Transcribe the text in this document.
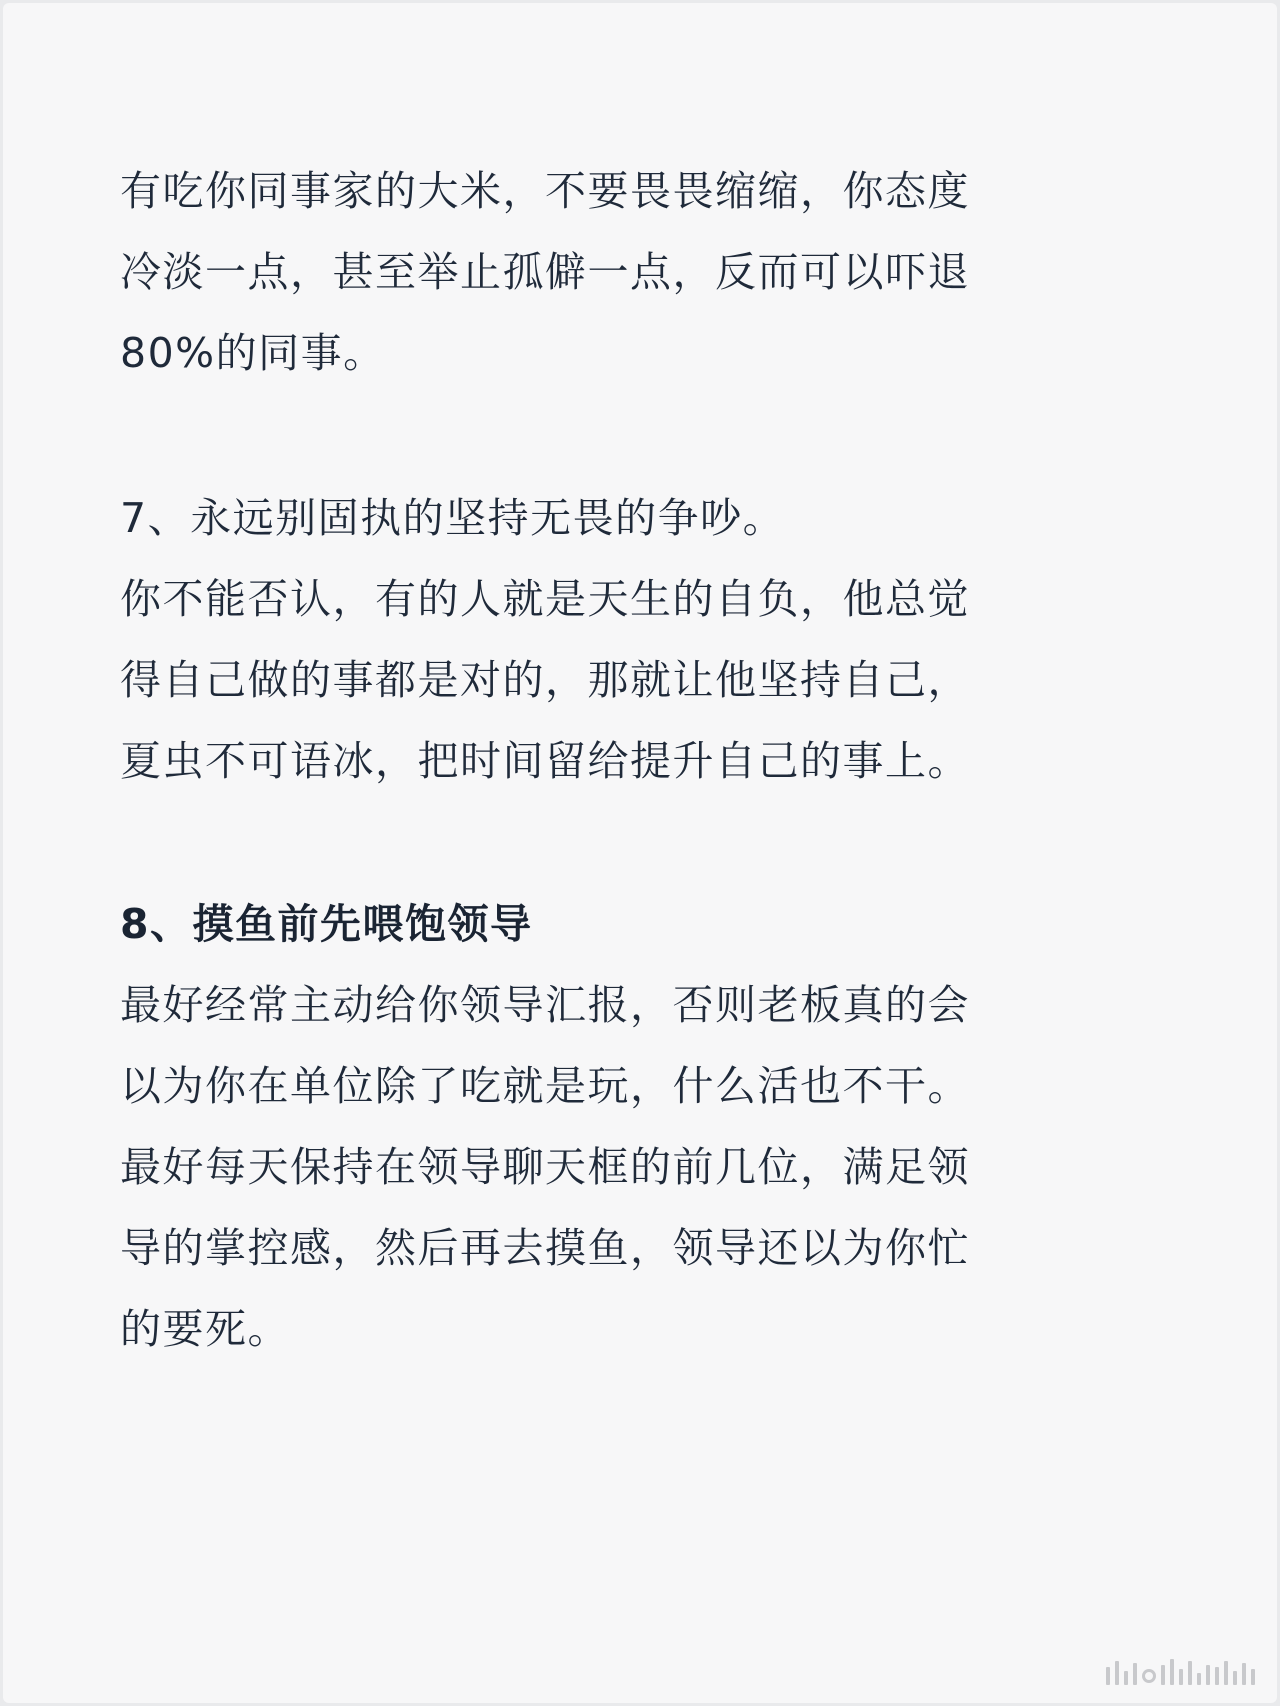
有吃你同事家的大米，不要畏畏缩缩，你态度
冷淡一点，甚至举止孤僻一点，反而可以吓退
80%的同事。
7、永远别固执的坚持无畏的争吵。
你不能否认，有的人就是天生的自负，他总觉
得自己做的事都是对的，那就让他坚持自己，
夏虫不可语冰，把时间留给提升自己的事上。
8、摸鱼前先喂饱领导
最好经常主动给你领导汇报，否则老板真的会
以为你在单位除了吃就是玩，什么活也不干。
最好每天保持在领导聊天框的前几位，满足领
导的掌控感，然后再去摸鱼，领导还以为你忙
的要死。
